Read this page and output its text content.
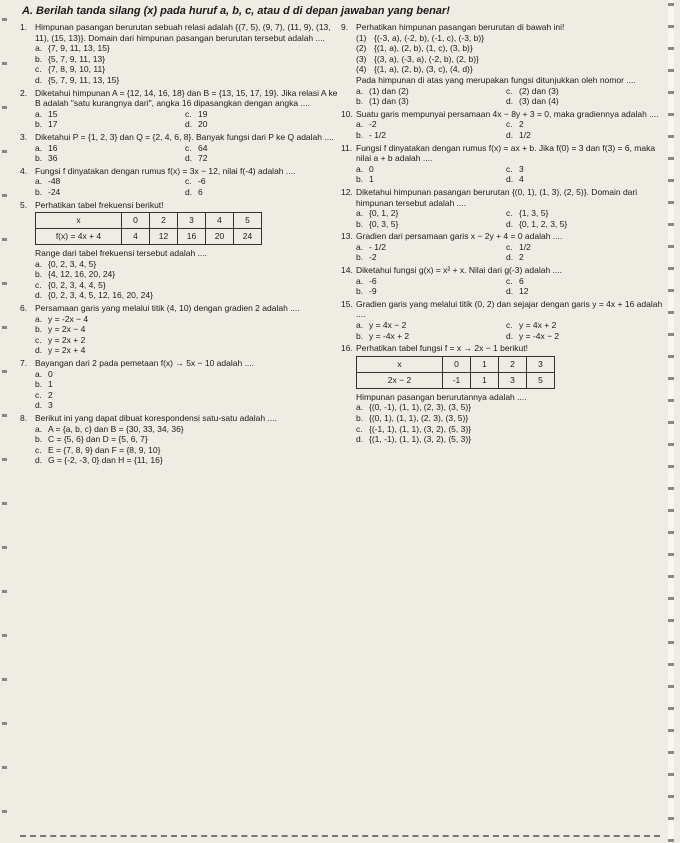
A. Berilah tanda silang (x) pada huruf a, b, c, atau d di depan jawaban yang benar!
1. Himpunan pasangan berurutan sebuah relasi adalah {(7, 5), (9, 7), (11, 9), (13, 11), (15, 13)}. Domain dari himpunan pasangan berurutan tersebut adalah ....
a. {7, 9, 11, 13, 15}
b. {5, 7, 9, 11, 13}
c. {7, 8, 9, 10, 11}
d. {5, 7, 9, 11, 13, 15}
2. Diketahui himpunan A = {12, 14, 16, 18} dan B = {13, 15, 17, 19}. Jika relasi A ke B adalah "satu kurangnya dari", angka 16 dipasangkan dengan angka ....
a. 15	c. 19
b. 17	d. 20
3. Diketahui P = {1, 2, 3} dan Q = {2, 4, 6, 8}. Banyak fungsi dari P ke Q adalah ....
a. 16	c. 64
b. 36	d. 72
4. Fungsi f dinyatakan dengan rumus f(x) = 3x − 12, nilai f(-4) adalah ....
a. -48	c. -6
b. -24	d. 6
5. Perhatikan tabel frekuensi berikut!
x	0	2	3	4	5
f(x) = 4x + 4	4	12	16	20	24
Range dari tabel frekuensi tersebut adalah ....
a. {0, 2, 3, 4, 5}
b. {4, 12, 16, 20, 24}
c. {0, 2, 3, 4, 4, 5}
d. {0, 2, 3, 4, 5, 12, 16, 20, 24}
6. Persamaan garis yang melalui titik (4, 10) dengan gradien 2 adalah ....
a. y = -2x − 4
b. y = 2x − 4
c. y = 2x + 2
d. y = 2x + 4
7. Bayangan dari 2 pada pemetaan f(x) → 5x − 10 adalah ....
a. 0
b. 1
c. 2
d. 3
8. Berikut ini yang dapat dibuat korespondensi satu-satu adalah ....
a. A = {a, b, c} dan B = {30, 33, 34, 36}
b. C = {5, 6} dan D = {5, 6, 7}
c. E = {7, 8, 9} dan F = {8, 9, 10}
d. G = {-2, -3, 0} dan H = {11, 16}
9. Perhatikan himpunan pasangan berurutan di bawah ini!
(1) {(-3, a), (-2, b), (-1, c), (-3, b)}
(2) {(1, a), (2, b), (1, c), (3, b)}
(3) {(3, a), (-3, a), (-2, b), (2, b)}
(4) {(1, a), (2, b), (3, c), (4, d)}
Pada himpunan di atas yang merupakan fungsi ditunjukkan oleh nomor ....
a. (1) dan (2)	c. (2) dan (3)
b. (1) dan (3)	d. (3) dan (4)
10. Suatu garis mempunyai persamaan 4x − 8y + 3 = 0, maka gradiennya adalah ....
a. -2	c. 2
b. - 1/2	d. 1/2
11. Fungsi f dinyatakan dengan rumus f(x) = ax + b. Jika f(0) = 3 dan f(3) = 6, maka nilai a + b adalah ....
a. 0	c. 3
b. 1	d. 4
12. Diketahui himpunan pasangan berurutan {(0, 1), (1, 3), (2, 5)}. Domain dari himpunan tersebut adalah ....
a. {0, 1, 2}	c. {1, 3, 5}
b. {0, 3, 5}	d. {0, 1, 2, 3, 5}
13. Gradien dari persamaan garis x − 2y + 4 = 0 adalah ....
a. - 1/2	c. 1/2
b. -2	d. 2
14. Diketahui fungsi g(x) = x² + x. Nilai dari g(-3) adalah ....
a. -6	c. 6
b. -9	d. 12
15. Gradien garis yang melalui titik (0, 2) dan sejajar dengan garis y = 4x + 16 adalah ....
a. y = 4x − 2	c. y = 4x + 2
b. y = -4x + 2	d. y = -4x − 2
16. Perhatikan tabel fungsi f = x → 2x − 1 berikut!
x	0	1	2	3
2x − 2	-1	1	3	5
Himpunan pasangan berurutannya adalah ....
a. {(0, -1), (1, 1), (2, 3), (3, 5)}
b. {(0, 1), (1, 1), (2, 3), (3, 5)}
c. {(-1, 1), (1, 1), (3, 2), (5, 3)}
d. {(1, -1), (1, 1), (3, 2), (5, 3)}
